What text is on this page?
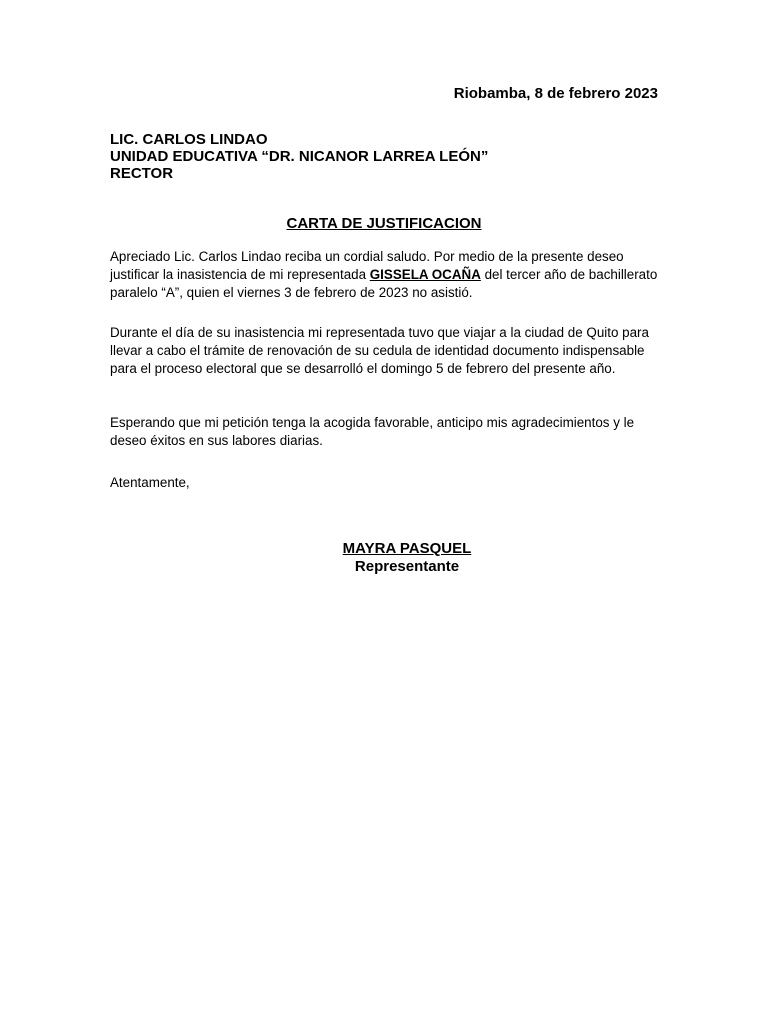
Riobamba, 8 de febrero 2023
LIC. CARLOS LINDAO
UNIDAD EDUCATIVA “DR. NICANOR LARREA LEÓN”
RECTOR
CARTA DE JUSTIFICACION
Apreciado Lic. Carlos Lindao reciba un cordial saludo. Por medio de la presente deseo justificar la inasistencia de mi representada GISSELA OCAÑA del tercer año de bachillerato paralelo “A”, quien el viernes 3 de febrero de 2023 no asistió.
Durante el día de su inasistencia mi representada tuvo que viajar a la ciudad de Quito para llevar a cabo el trámite de renovación de su cedula de identidad documento indispensable para el proceso electoral que se desarrolló el domingo 5 de febrero del presente año.
Esperando que mi petición tenga la acogida favorable, anticipo mis agradecimientos y le deseo éxitos en sus labores diarias.
Atentamente,
MAYRA PASQUEL
Representante
